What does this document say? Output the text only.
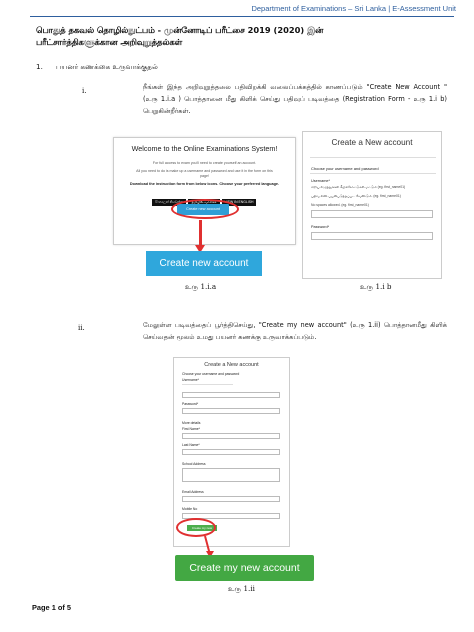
Department of Examinations – Sri Lanka | E-Assessment Unit
பொதுத் தகவல் தொழில்நுட்பம் - முன்னோடிப் பரீட்சை 2019 (2020) இன்
பரீட்சார்த்திகளுக்கான அறிவுறுத்தல்கள்
1. பயனர் கணக்கை உருவாக்குதல்
i.	நீங்கள் இந்த அறிவுறுத்தலை பதிவிறக்கி வலைப்பக்கத்தில் காணப்படும் "Create New Account " (உரு 1.i.a ) பொத்தானை மீது கிளிக் செய்து பதிவுப் படிவத்தை (Registration Form - உரு 1.i b) பெறுகின்றீர்கள்.
Welcome to the Online Examinations System!
For full access to exam you'll need to create yourself an account.
All you need to do is make up a username and password and use it in the form on this
page!
Download the instruction form from below icons. Choose your preferred language.
සිංහලෙන් කියවන්න	தமிழில் வாசிக்க	VIEW IN ENGLISH
Create new account
Create new account
உரு 1.i.a
Create a New account
Choose your username and password
Username*
சிறிய எழுத்துக்கள் கீழ்க்கோட்டுகள் மட்டும் (eg. first_name01)
பதிவு எண் பயன்படுத்தப்பட வேண்டும். (eg. first_name01)
No spaces allowed. (eg. first_name01)
Password*
உரு 1.i b
ii.	மேலுள்ள படிவத்தைப் பூர்த்திசெய்து, "Create my new account" (உரு 1.ii) பொத்தானமீது கிளிக் செய்வதன் மூலம் உமது பயனர் கணக்கு உருவாக்கப்படும்.
Create a New account
Choose your username and password
Username*
────────────────────────
Password*
More details
First Name*
Last Name*
School Address
Email Address
Mobile No
Create my new account
Create my new account
உரு 1.ii
Page 1 of 5
